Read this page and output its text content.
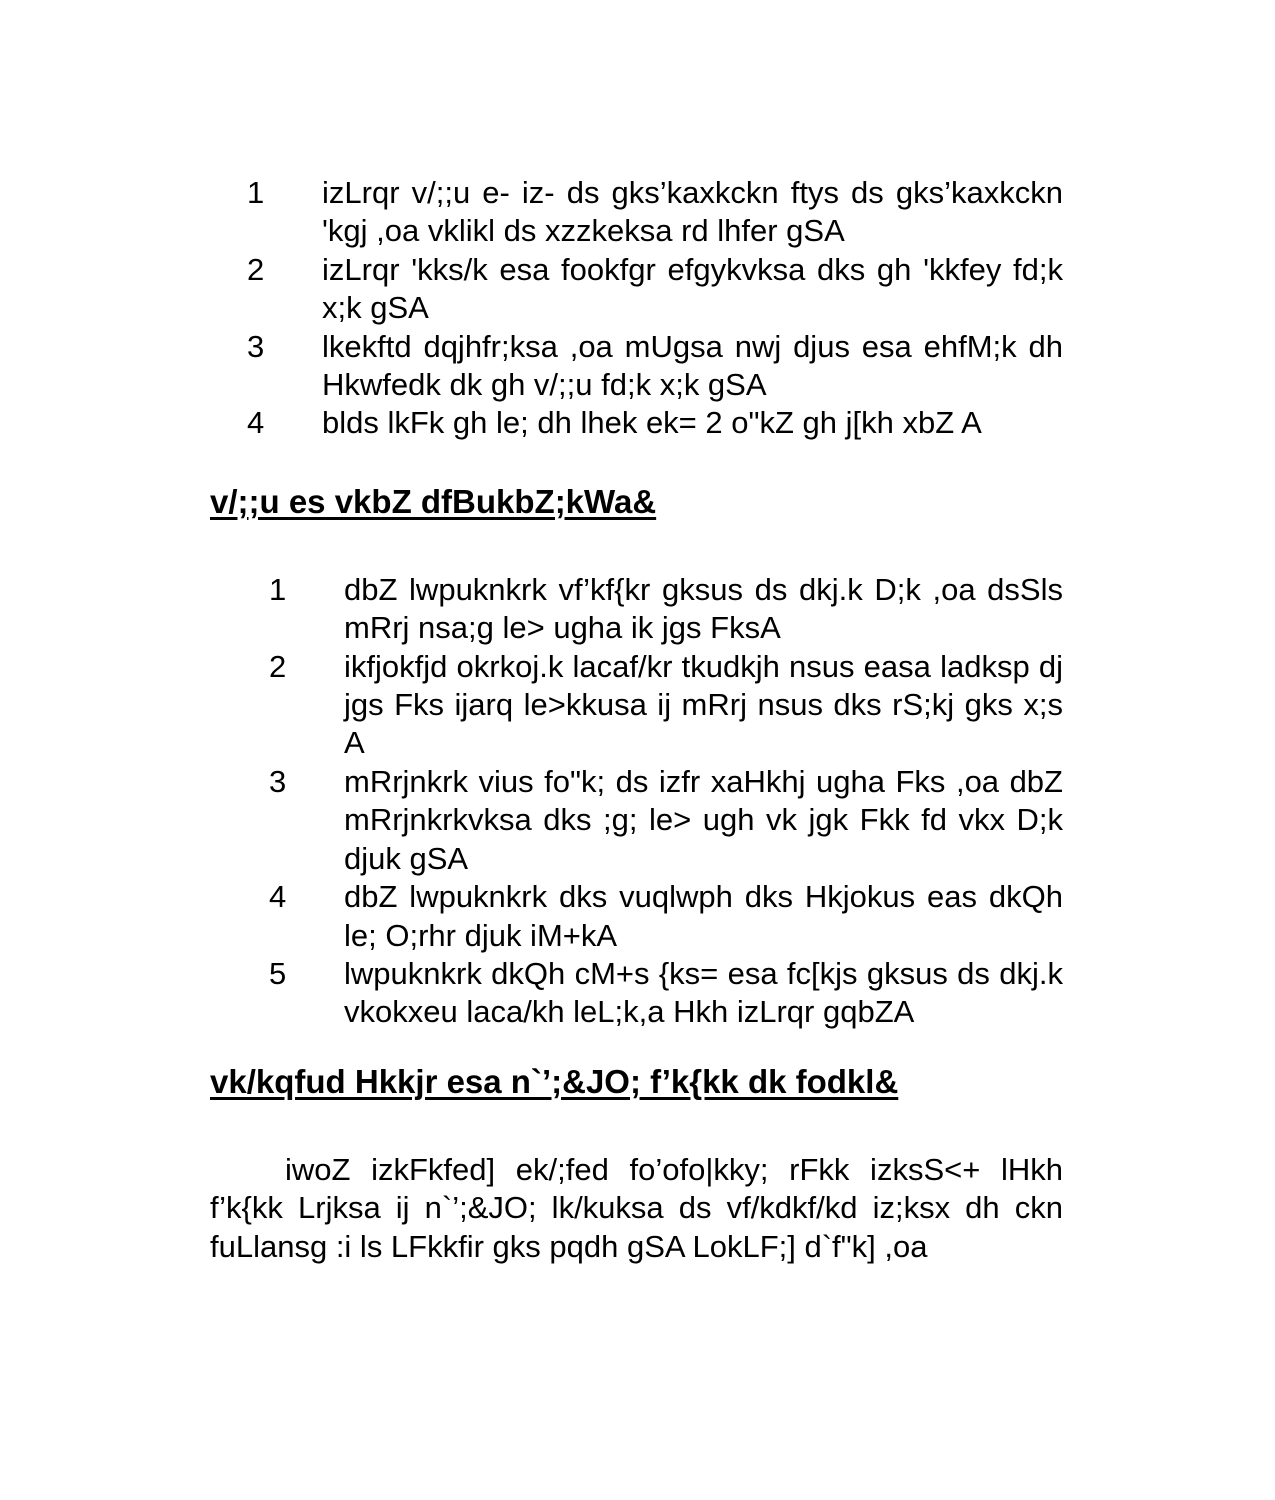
1	izLrqr v/;;u e- iz- ds gks’kaxkckn ftys ds gks’kaxkckn 'kgj ,oa vklikl ds xzzkeksa rd lhfer gSA
2	izLrqr 'kks/k esa fookfgr efgykvksa dks gh 'kkfey fd;k x;k gSA
3	lkekftd dqjhfr;ksa ,oa mUgsa nwj djus esa ehfM;k dh Hkwfedk dk gh v/;;u fd;k x;k gSA
4	blds lkFk gh le; dh lhek ek= 2 o"kZ gh j[kh xbZ A
v/;;u es vkbZ dfBukbZ;kWa&
1	dbZ lwpuknkrk vf’kf{kr gksus ds dkj.k D;k ,oa dsSls mRrj nsa;g le> ugha ik jgs FksA
2	ikfjokfjd okrkoj.k lacaf/kr tkudkjh nsus easa ladksp dj jgs Fks ijarq le>kkusa ij mRrj nsus dks rS;kj gks x;s A
3	mRrjnkrk vius fo"k; ds izfr xaHkhj ugha Fks ,oa dbZ mRrjnkrkvksa dks ;g; le> ugh vk jgk Fkk fd vkx D;k djuk gSA
4	dbZ lwpuknkrk dks vuqlwph dks Hkjokus eas dkQh le; O;rhr djuk iM+kA
5	lwpuknkrk dkQh cM+s {ks= esa fc[kjs gksus ds dkj.k vkokxeu laca/kh leL;k,a Hkh izLrqr gqbZA
vk/kqfud Hkkjr esa n`’;&JO; f’k{kk dk fodkl&

iwoZ izkFkfed] ek/;fed fo’ofo|kky; rFkk izksS<+ lHkh f’k{kk Lrjksa ij n`’;&JO; lk/kuksa ds vf/kdkf/kd iz;ksx dh ckn fuLlansg :i ls LFkkfir gks pqdh gSA LokLF;] d`f"k] ,oa
